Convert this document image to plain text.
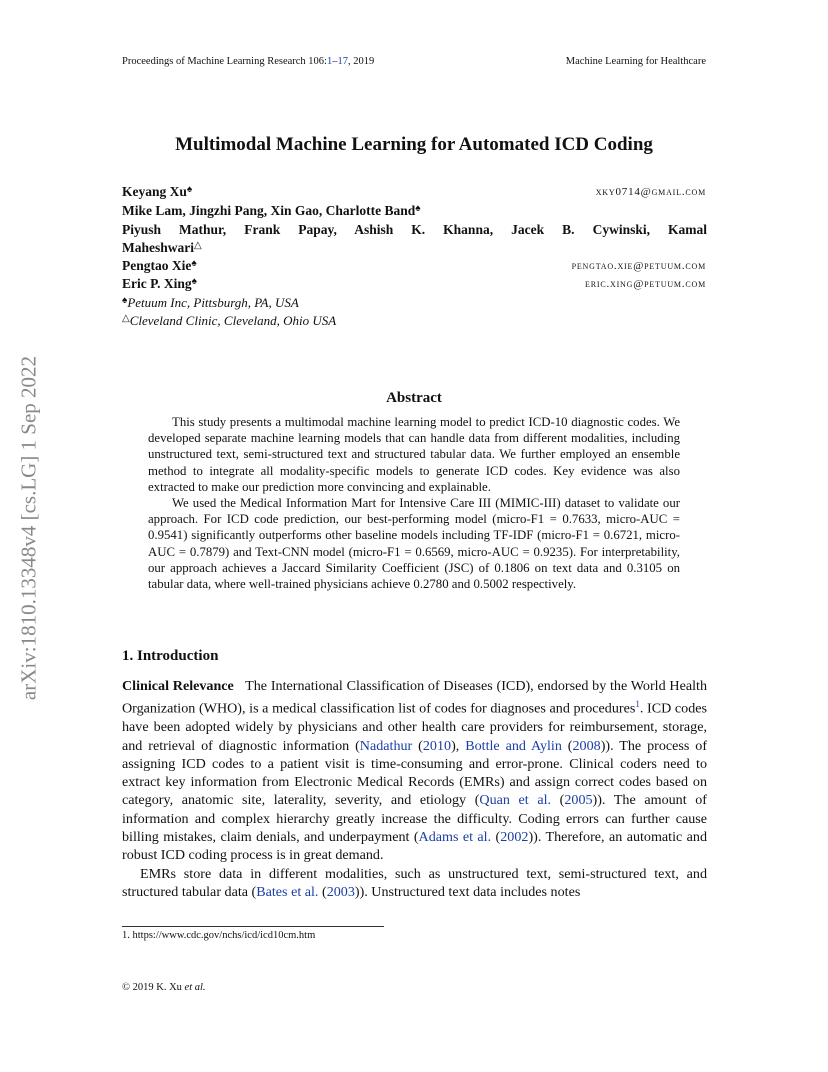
Proceedings of Machine Learning Research 106:1–17, 2019	Machine Learning for Healthcare
arXiv:1810.13348v4 [cs.LG] 1 Sep 2022
Multimodal Machine Learning for Automated ICD Coding
Keyang Xu♠	xky0714@gmail.com
Mike Lam, Jingzhi Pang, Xin Gao, Charlotte Band♠
Piyush Mathur, Frank Papay, Ashish K. Khanna, Jacek B. Cywinski, Kamal
Maheshwari△
Pengtao Xie♠	pengtao.xie@petuum.com
Eric P. Xing♠	eric.xing@petuum.com
♠Petuum Inc, Pittsburgh, PA, USA
△Cleveland Clinic, Cleveland, Ohio USA
Abstract

This study presents a multimodal machine learning model to predict ICD-10 diagnostic codes. We developed separate machine learning models that can handle data from different modalities, including unstructured text, semi-structured text and structured tabular data. We further employed an ensemble method to integrate all modality-specific models to generate ICD codes. Key evidence was also extracted to make our prediction more convincing and explainable.

We used the Medical Information Mart for Intensive Care III (MIMIC-III) dataset to validate our approach. For ICD code prediction, our best-performing model (micro-F1 = 0.7633, micro-AUC = 0.9541) significantly outperforms other baseline models including TF-IDF (micro-F1 = 0.6721, micro-AUC = 0.7879) and Text-CNN model (micro-F1 = 0.6569, micro-AUC = 0.9235). For interpretability, our approach achieves a Jaccard Similarity Coefficient (JSC) of 0.1806 on text data and 0.3105 on tabular data, where well-trained physicians achieve 0.2780 and 0.5002 respectively.

1. Introduction

Clinical Relevance The International Classification of Diseases (ICD), endorsed by the World Health Organization (WHO), is a medical classification list of codes for diagnoses and procedures$^1$. ICD codes have been adopted widely by physicians and other health care providers for reimbursement, storage, and retrieval of diagnostic information (Nadathur (2010), Bottle and Aylin (2008)). The process of assigning ICD codes to a patient visit is time-consuming and error-prone. Clinical coders need to extract key information from Electronic Medical Records (EMRs) and assign correct codes based on category, anatomic site, laterality, severity, and etiology (Quan et al. (2005)). The amount of information and complex hierarchy greatly increase the difficulty. Coding errors can further cause billing mistakes, claim denials, and underpayment (Adams et al. (2002)). Therefore, an automatic and robust ICD coding process is in great demand.

EMRs store data in different modalities, such as unstructured text, semi-structured text, and structured tabular data (Bates et al. (2003)). Unstructured text data includes notes

1. https://www.cdc.gov/nchs/icd/icd10cm.htm
© 2019 K. Xu et al.
